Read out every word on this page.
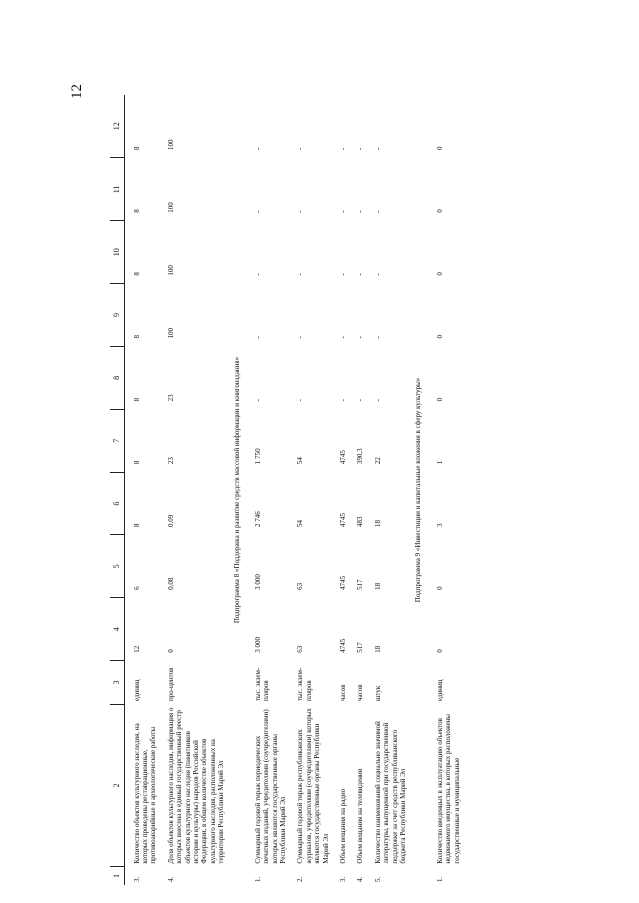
12
1	2	3	4	5	6	7	8	9	10	11	12
3.	Количество объектов культурного наследия, на которых проведены реставрационные, противоаварийные и археологические работы	единиц	12	6	8	8	8	8	8	8	8
4.	Доля объектов культурного наследия, информация о которых внесена в единый государственный реестр объектов культурного наследия (памятников истории и культуры) народов Российской Федерации, в общем количестве объектов культурного наследия, расположенных на территории Республики Марий Эл	про-центов	0	0,08	0,09	23	23	100	100	100	100
Подпрограмма 8 «Поддержка и развитие средств массовой информации и книгоиздания»											
1.	Суммарный годовой тираж периодических печатных изданий, учредителями (соучредителями) которых являются государственные органы Республики Марий Эл	тыс. экзем-пляров	3 000	3 000	2 746	1 750	-	-	-	-	-
2.	Суммарный годовой тираж республиканских журналов, учредителями (соучредителями) которых являются государственные органы Республики Марий Эл	тыс. экзем-пляров	63	63	54	54	-	-	-	-	-
3.	Объем вещания на радио	часов	4745	4745	4745	4745	-	-	-	-	-
4.	Объем вещания на телевидении	часов	517	517	483	390,3	-	-	-	-	-
5.	Количество наименований социально значимой литературы, выпущенной при государственной поддержке за счет средств республиканского бюджета Республики Марий Эл	штук	18	18	18	22	-	-	-	-	-
Подпрограмма 9 «Инвестиции и капитальные вложения в сферу культуры»											
1.	Количество введенных в эксплуатацию объектов недвижимого имущества, в которых расположены государственные и муниципальные	единиц	0	0	3	1	0	0	0	0	0
